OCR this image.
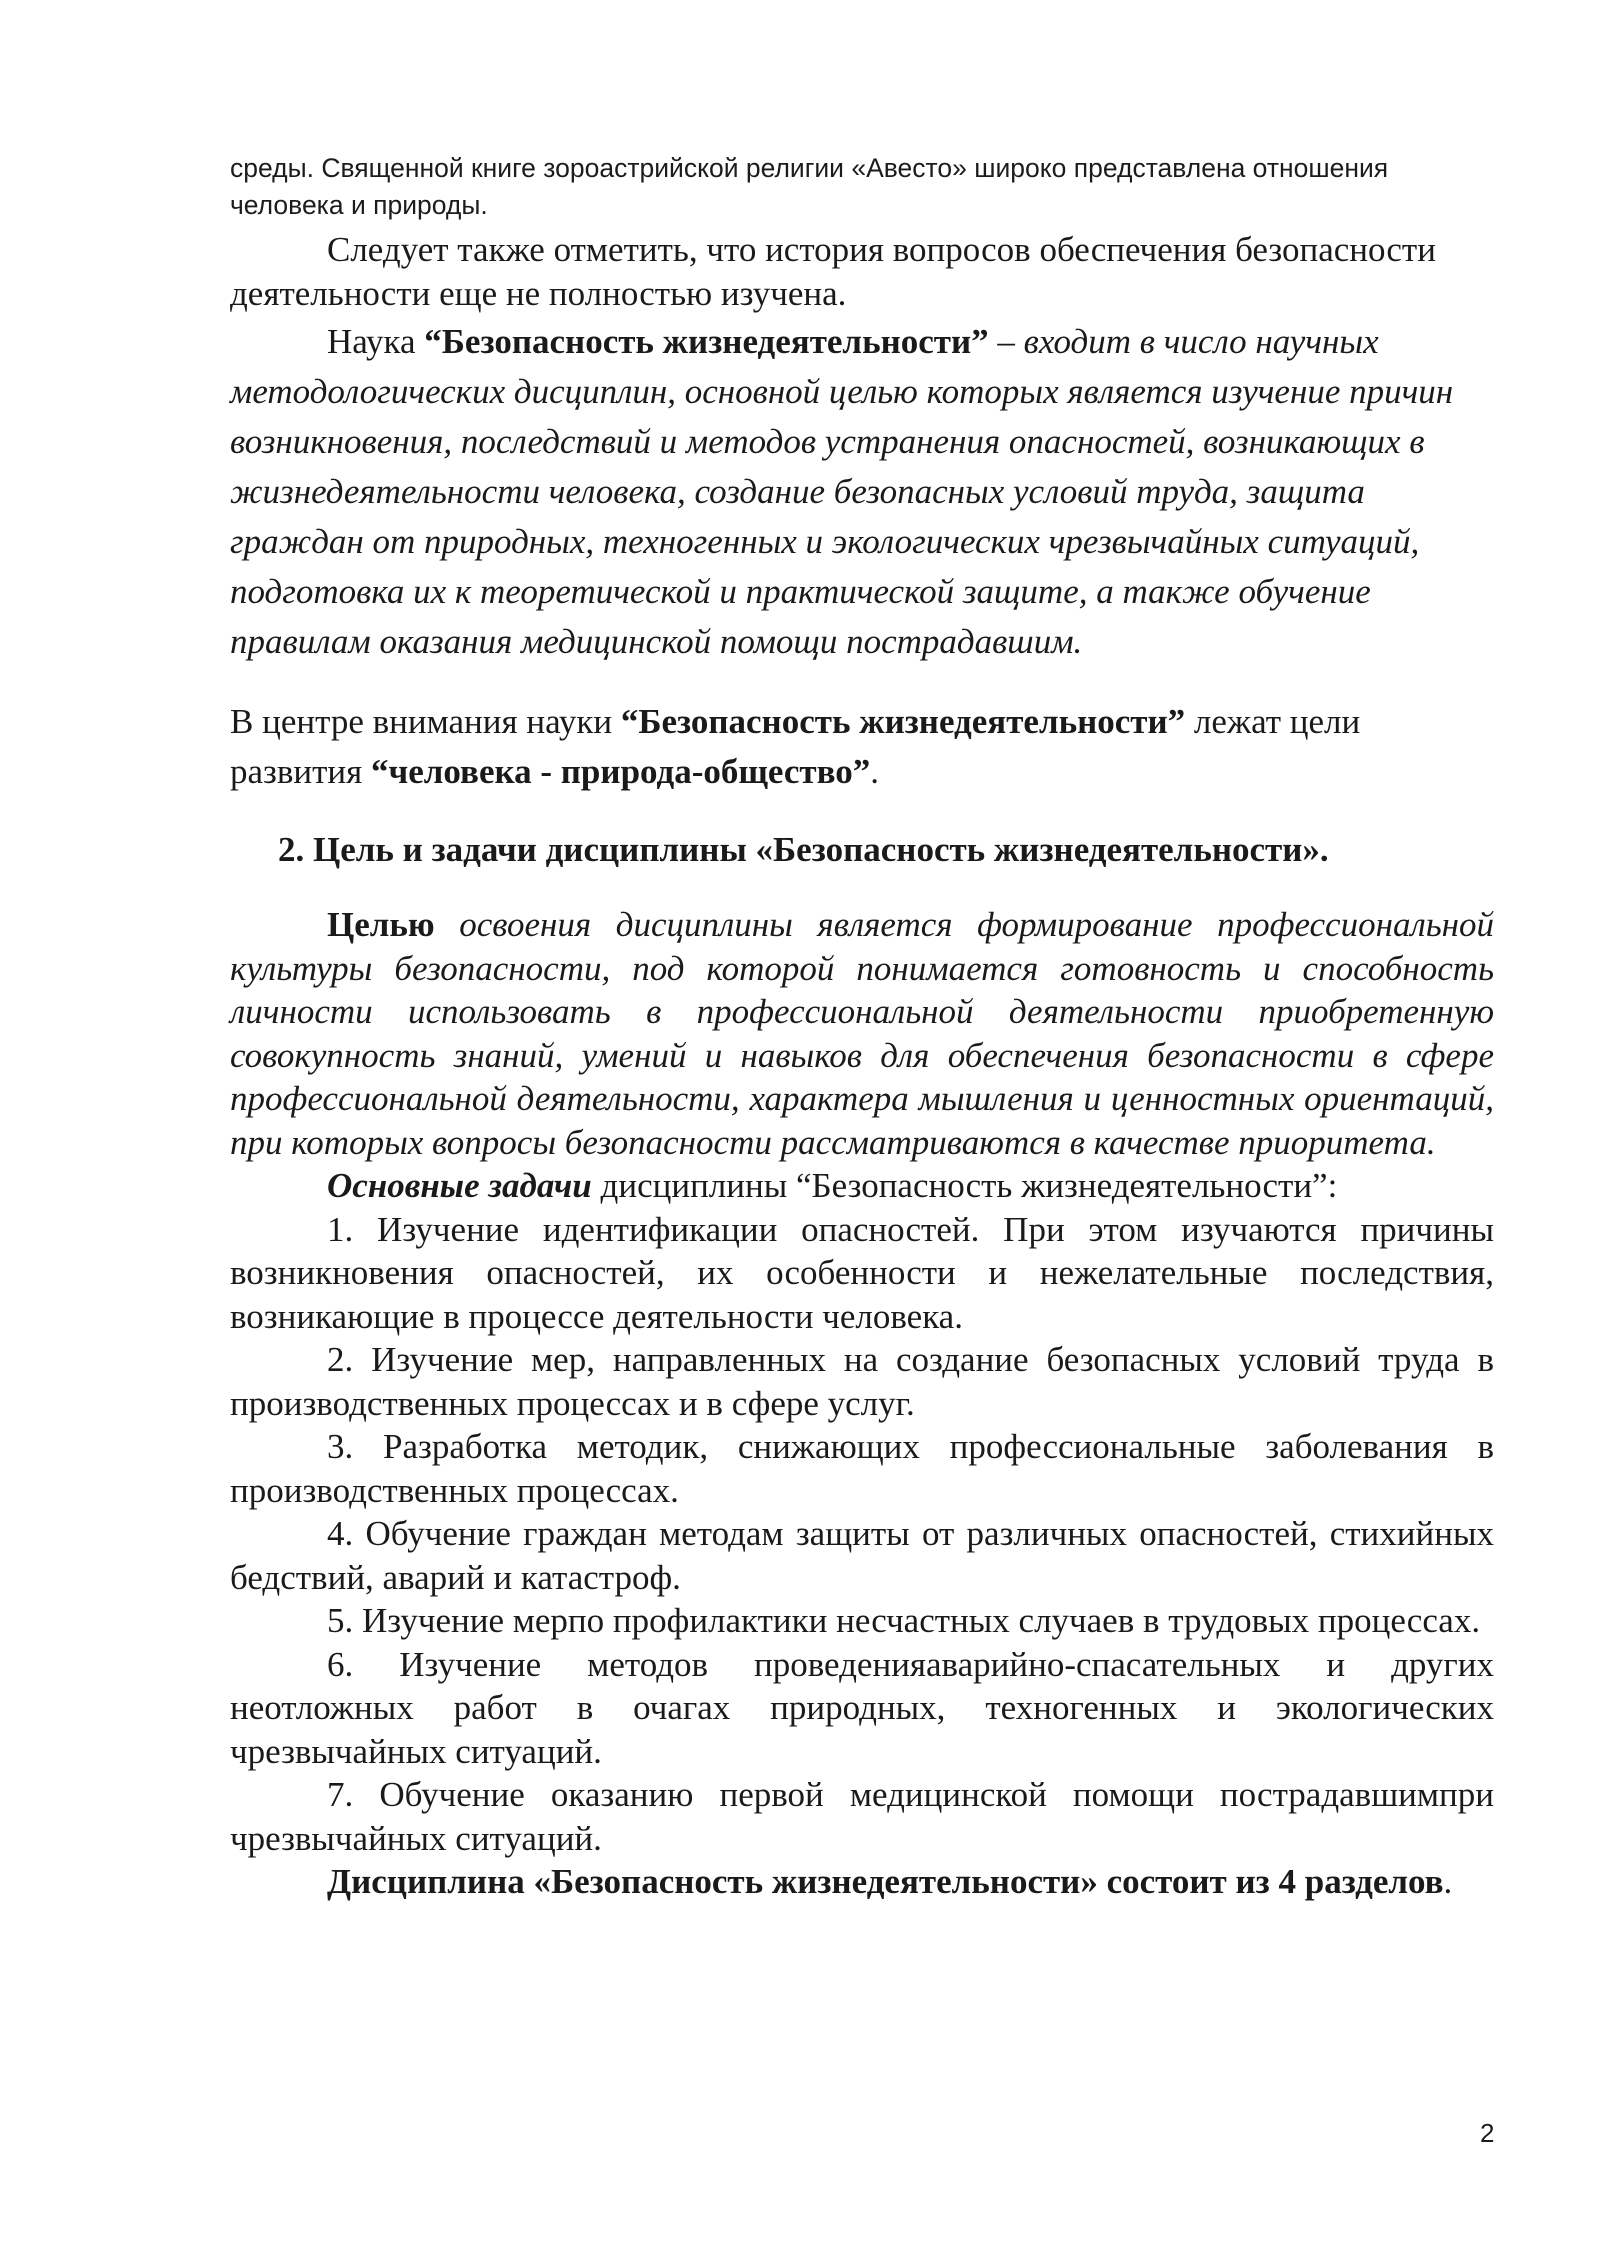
среды. Священной книге зороастрийской религии «Авесто» широко представлена отношения человека и природы.

Следует также отметить, что история вопросов обеспечения безопасности деятельности еще не полностью изучена.

Наука “Безопасность жизнедеятельности” – входит в число научных методологических дисциплин, основной целью которых является изучение причин возникновения, последствий и методов устранения опасностей, возникающих в жизнедеятельности человека, создание безопасных условий труда, защита граждан от природных, техногенных и экологических чрезвычайных ситуаций, подготовка их к теоретической и практической защите, а также обучение правилам оказания медицинской помощи пострадавшим.

В центре внимания науки “Безопасность жизнедеятельности” лежат цели развития “человека - природа-общество”.

2. Цель и задачи дисциплины «Безопасность жизнедеятельности».

Целью освоения дисциплины является формирование профессиональной культуры безопасности, под которой понимается готовность и способность личности использовать в профессиональной деятельности приобретенную совокупность знаний, умений и навыков для обеспечения безопасности в сфере профессиональной деятельности, характера мышления и ценностных ориентаций, при которых вопросы безопасности рассматриваются в качестве приоритета.

Основные задачи дисциплины “Безопасность жизнедеятельности”:

1. Изучение идентификации опасностей. При этом изучаются причины возникновения опасностей, их особенности и нежелательные последствия, возникающие в процессе деятельности человека.

2. Изучение мер, направленных на создание безопасных условий труда в производственных процессах и в сфере услуг.

3. Разработка методик, снижающих профессиональные заболевания в производственных процессах.

4. Обучение граждан методам защиты от различных опасностей, стихийных бедствий, аварий и катастроф.

5. Изучение мерпо профилактики несчастных случаев в трудовых процессах.

6. Изучение методов проведенияаварийно-спасательных и других неотложных работ в очагах природных, техногенных и экологических чрезвычайных ситуаций.

7. Обучение оказанию первой медицинской помощи пострадавшимпри чрезвычайных ситуаций.

Дисциплина «Безопасность жизнедеятельности» состоит из 4 разделов.

2
